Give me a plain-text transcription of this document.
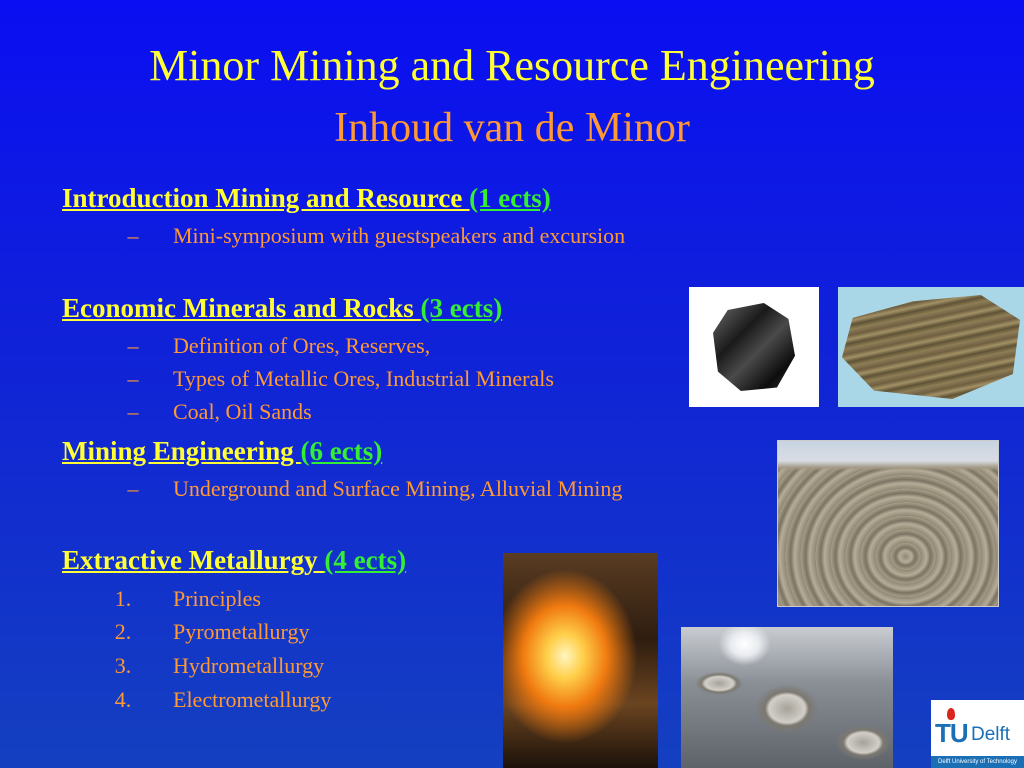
Minor Mining and Resource Engineering
Inhoud van de Minor
Introduction Mining and Resource (1 ects)
–	Mini-symposium with guestspeakers and excursion
Economic Minerals and Rocks (3 ects)
–	Definition of Ores, Reserves,
–	Types of Metallic Ores, Industrial Minerals
–	Coal, Oil Sands
Mining Engineering (6 ects)
–	Underground and Surface Mining, Alluvial Mining
Extractive Metallurgy (4 ects)
1.	Principles
2.	Pyrometallurgy
3.	Hydrometallurgy
4.	Electrometallurgy
TU Delft
Delft University of Technology
